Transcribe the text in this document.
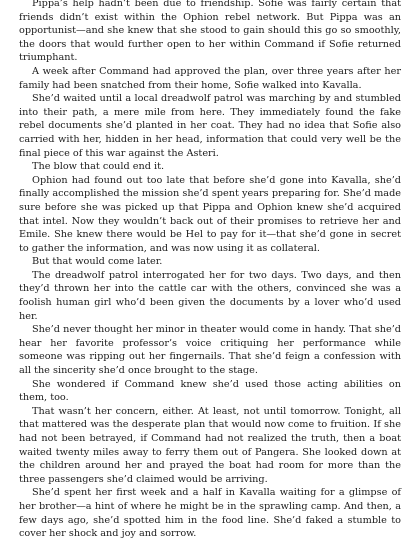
Pippa’s help hadn’t been due to friendship. Sofie was fairly certain that friends didn’t exist within the Ophion rebel network. But Pippa was an opportunist—and she knew that she stood to gain should this go so smoothly, the doors that would further open to her within Command if Sofie returned triumphant.

A week after Command had approved the plan, over three years after her family had been snatched from their home, Sofie walked into Kavalla.

She’d waited until a local dreadwolf patrol was marching by and stumbled into their path, a mere mile from here. They immediately found the fake rebel documents she’d planted in her coat. They had no idea that Sofie also carried with her, hidden in her head, information that could very well be the final piece of this war against the Asteri.

The blow that could end it.

Ophion had found out too late that before she’d gone into Kavalla, she’d finally accomplished the mission she’d spent years preparing for. She’d made sure before she was picked up that Pippa and Ophion knew she’d acquired that intel. Now they wouldn’t back out of their promises to retrieve her and Emile. She knew there would be Hel to pay for it—that she’d gone in secret to gather the information, and was now using it as collateral.

But that would come later.

The dreadwolf patrol interrogated her for two days. Two days, and then they’d thrown her into the cattle car with the others, convinced she was a foolish human girl who’d been given the documents by a lover who’d used her.

She’d never thought her minor in theater would come in handy. That she’d hear her favorite professor’s voice critiquing her performance while someone was ripping out her fingernails. That she’d feign a confession with all the sincerity she’d once brought to the stage.

She wondered if Command knew she’d used those acting abilities on them, too.

That wasn’t her concern, either. At least, not until tomorrow. Tonight, all that mattered was the desperate plan that would now come to fruition. If she had not been betrayed, if Command had not realized the truth, then a boat waited twenty miles away to ferry them out of Pangera. She looked down at the children around her and prayed the boat had room for more than the three passengers she’d claimed would be arriving.

She’d spent her first week and a half in Kavalla waiting for a glimpse of her brother—a hint of where he might be in the sprawling camp. And then, a few days ago, she’d spotted him in the food line. She’d faked a stumble to cover her shock and joy and sorrow.
